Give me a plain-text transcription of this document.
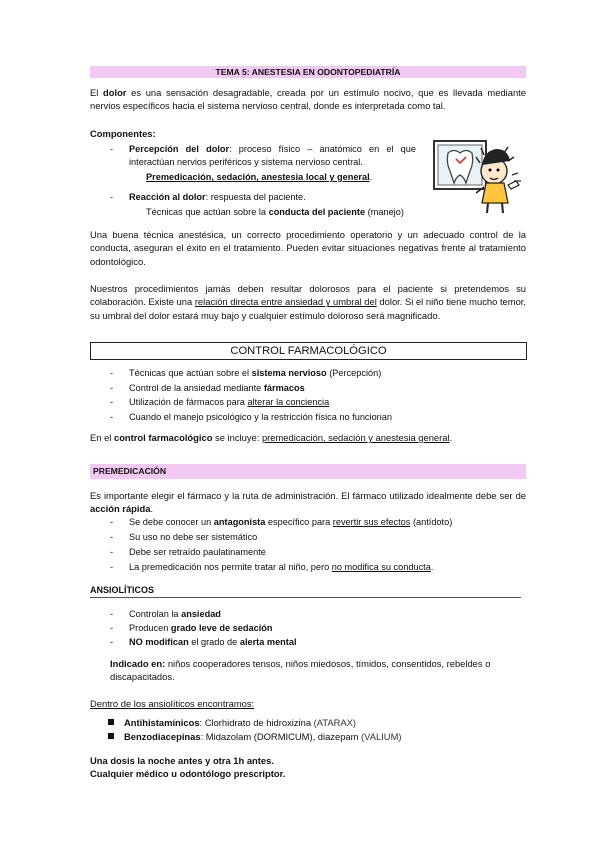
TEMA 5: ANESTESIA EN ODONTOPEDIATRÍA
El dolor es una sensación desagradable, creada por un estímulo nocivo, que es llevada mediante nervios específicos hacia el sistema nervioso central, donde es interpretada como tal.
Componentes:
- Percepción del dolor: proceso físico – anatómico en el que interactúan nervios periféricos y sistema nervioso central.
Premedicación, sedación, anestesia local y general.
- Reacción al dolor: respuesta del paciente.
Técnicas que actúan sobre la conducta del paciente (manejo)
Una buena técnica anestésica, un correcto procedimiento operatorio y un adecuado control de la conducta, aseguran el éxito en el tratamiento. Pueden evitar situaciones negativas frente al tratamiento odontológico.
Nuestros procedimientos jamás deben resultar dolorosos para el paciente si pretendemos su colaboración. Existe una relación directa entre ansiedad y umbral del dolor. Si el niño tiene mucho temor, su umbral del dolor estará muy bajo y cualquier estímulo doloroso será magnificado.
CONTROL FARMACOLÓGICO
- Técnicas que actúan sobre el sistema nervioso (Percepción)
- Control de la ansiedad mediante fármacos
- Utilización de fármacos para alterar la conciencia
- Cuando el manejo psicológico y la restricción física no funcionan
En el control farmacológico se incluye: premedicación, sedación y anestesia general.
PREMEDICACIÓN
Es importante elegir el fármaco y la ruta de administración. El fármaco utilizado idealmente debe ser de acción rápida.
- Se debe conocer un antagonista específico para revertir sus efectos (antídoto)
- Su uso no debe ser sistemático
- Debe ser retraído paulatinamente
- La premedicación nos permite tratar al niño, pero no modifica su conducta.
ANSIOLÍTICOS
- Controlan la ansiedad
- Producen grado leve de sedación
- NO modifican el grado de alerta mental
Indicado en: niños cooperadores tensos, niños miedosos, tímidos, consentidos, rebeldes o discapacitados.
Dentro de los ansiolíticos encontramos:
Antihistamínicos: Clorhidrato de hidroxizina (ATARAX)
Benzodiacepinas: Midazolam (DORMICUM), diazepam (VALIUM)
Una dosis la noche antes y otra 1h antes.
Cualquier médico u odontólogo prescriptor.
